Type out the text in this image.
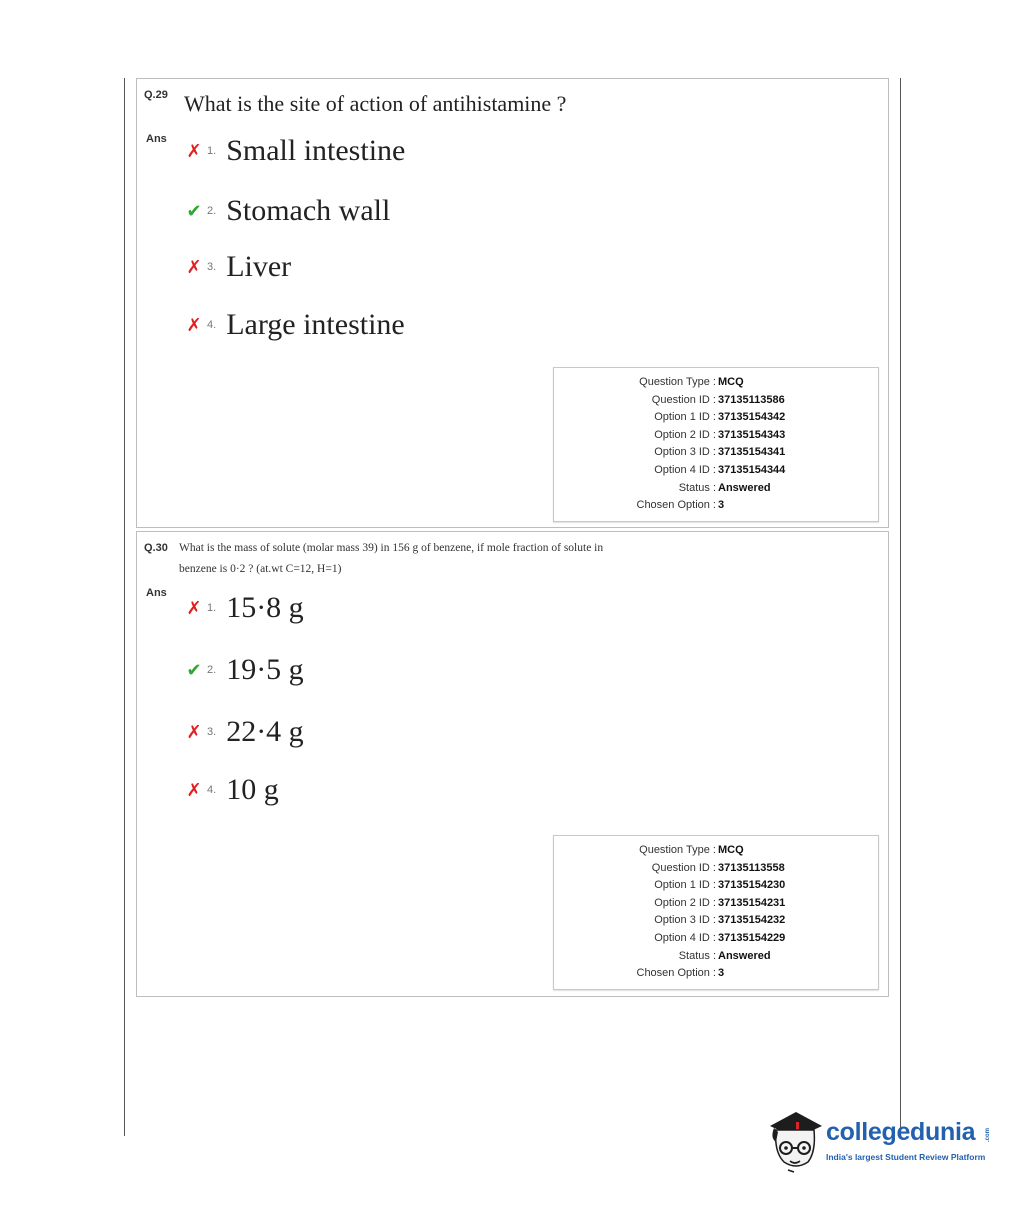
Q.29 What is the site of action of antihistamine ?
Ans
✗ 1. Small intestine
✔ 2. Stomach wall
✗ 3. Liver
✗ 4. Large intestine
Question Type : MCQ
Question ID : 37135113586
Option 1 ID : 37135154342
Option 2 ID : 37135154343
Option 3 ID : 37135154341
Option 4 ID : 37135154344
Status : Answered
Chosen Option : 3
Q.30 What is the mass of solute (molar mass 39) in 156 g of benzene, if mole fraction of solute in
benzene is 0·2 ? (at.wt C=12, H=1)
Ans
✗ 1. 15·8 g
✔ 2. 19·5 g
✗ 3. 22·4 g
✗ 4. 10 g
Question Type : MCQ
Question ID : 37135113558
Option 1 ID : 37135154230
Option 2 ID : 37135154231
Option 3 ID : 37135154232
Option 4 ID : 37135154229
Status : Answered
Chosen Option : 3
collegedunia .com
India's largest Student Review Platform
